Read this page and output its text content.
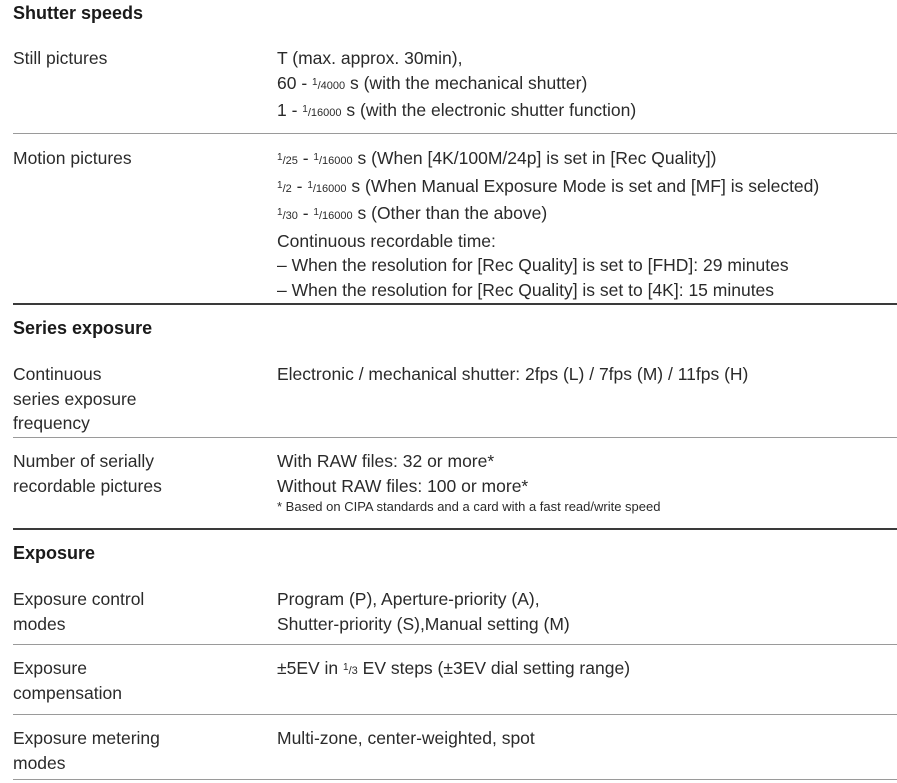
Shutter speeds
Still pictures	T (max. approx. 30min),
60 - $^1$/4000 s (with the mechanical shutter)
1 - $^1$/16000 s (with the electronic shutter function)
Motion pictures	$^1$/25 - $^1$/16000 s (When [4K/100M/24p] is set in [Rec Quality])
$^1$/2 - $^1$/16000 s (When Manual Exposure Mode is set and [MF] is selected)
$^1$/30 - $^1$/16000 s (Other than the above)
Continuous recordable time:
– When the resolution for [Rec Quality] is set to [FHD]: 29 minutes
– When the resolution for [Rec Quality] is set to [4K]: 15 minutes
Series exposure
Continuous
series exposure
frequency
Electronic / mechanical shutter: 2fps (L) / 7fps (M) / 11fps (H)
Number of serially
recordable pictures
With RAW files: 32 or more*
Without RAW files: 100 or more*
* Based on CIPA standards and a card with a fast read/write speed
Exposure
Exposure control
modes
Program (P), Aperture-priority (A),
Shutter-priority (S),Manual setting (M)
Exposure
compensation
±5EV in $^1$/3 EV steps (±3EV dial setting range)
Exposure metering
modes
Multi-zone, center-weighted, spot
